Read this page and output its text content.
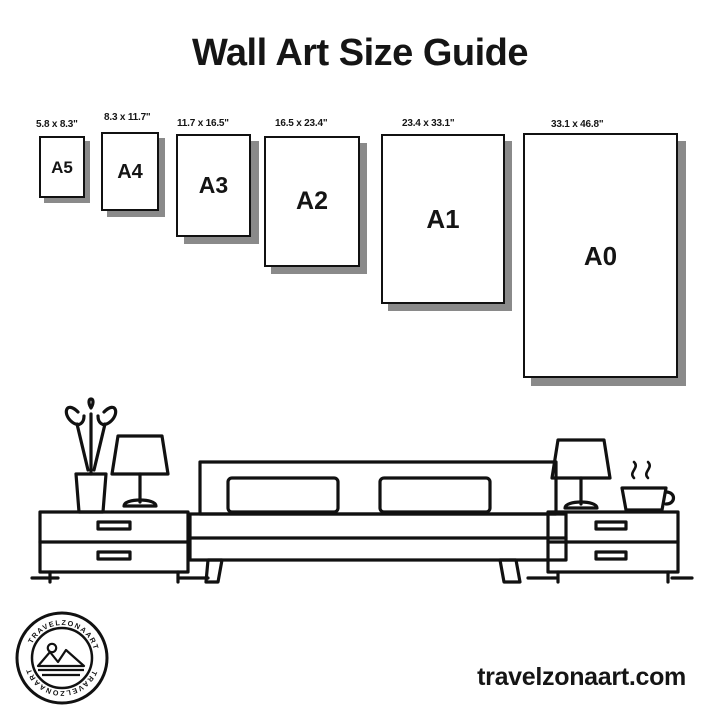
Wall Art Size Guide
5.8 x 8.3"
A5
8.3 x 11.7"
A4
11.7 x 16.5"
A3
16.5 x 23.4"
A2
23.4 x 33.1"
A1
33.1 x 46.8"
A0
travelzonaart.com
TRAVELZONAART
TRAVELZONAART
